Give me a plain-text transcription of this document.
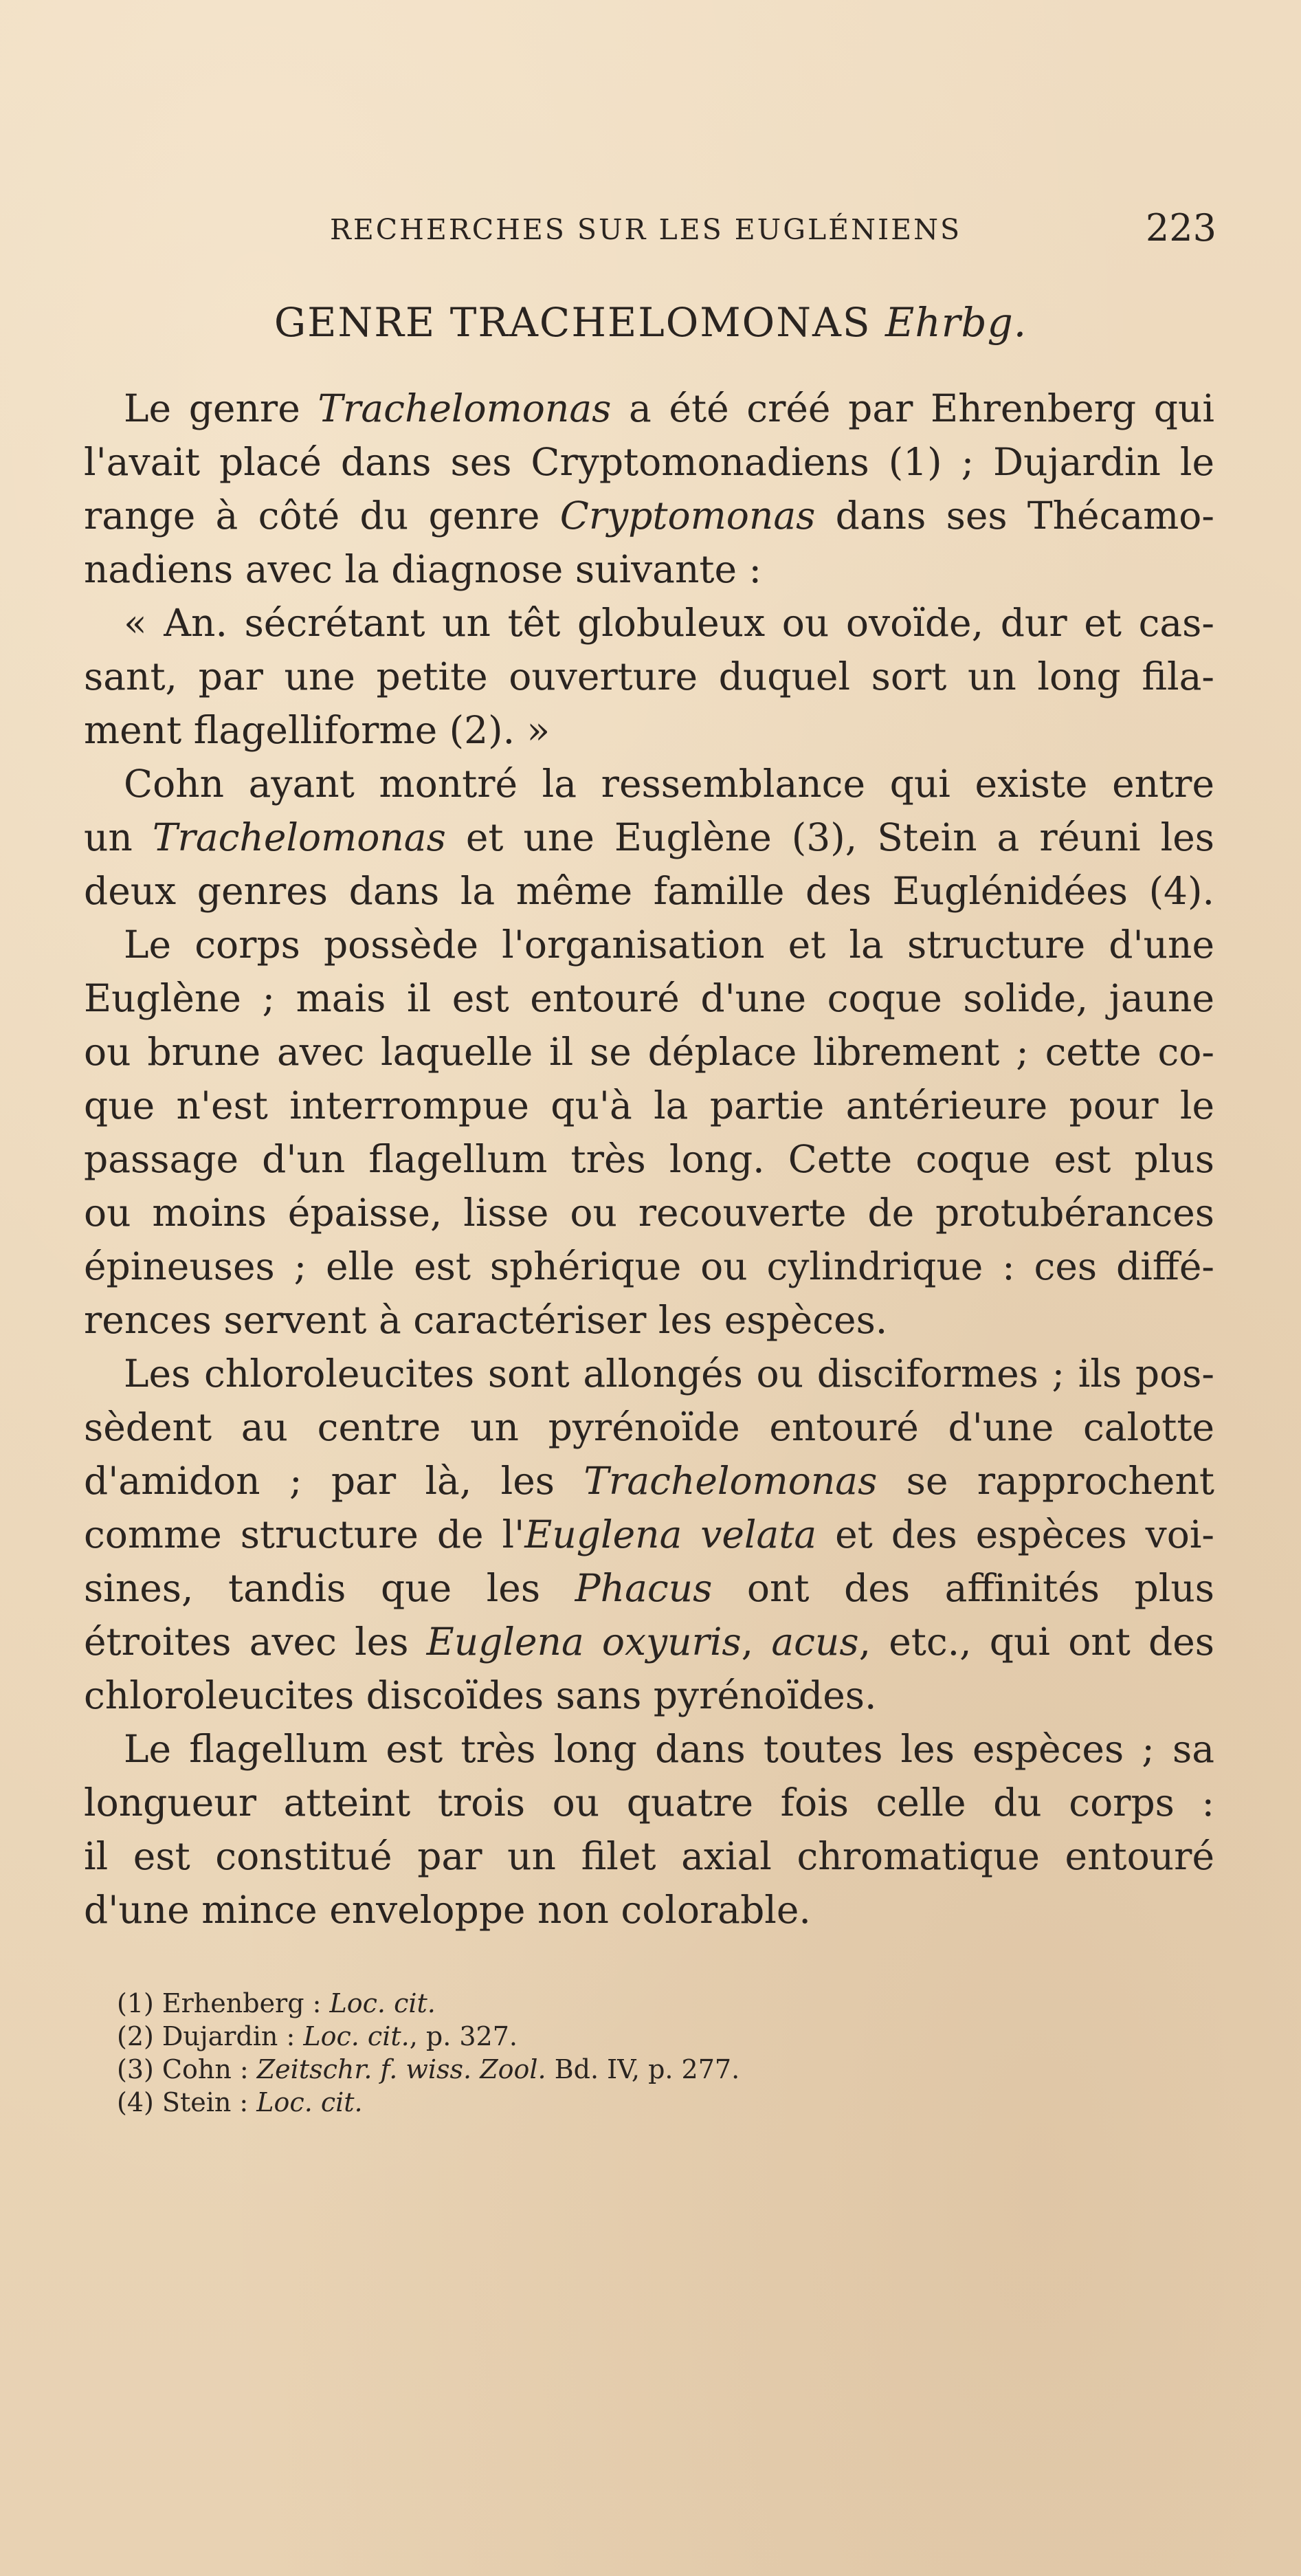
RECHERCHES SUR LES EUGLÉNIENS	223
GENRE TRACHELOMONAS Ehrbg.
Le genre Trachelomonas a été créé par Ehrenberg qui
l'avait placé dans ses Cryptomonadiens (1) ; Dujardin le
range à côté du genre Cryptomonas dans ses Thécamo-
nadiens avec la diagnose suivante :
« An. sécrétant un têt globuleux ou ovoïde, dur et cas-
sant, par une petite ouverture duquel sort un long fila-
ment flagelliforme (2). »
Cohn ayant montré la ressemblance qui existe entre
un Trachelomonas et une Euglène (3), Stein a réuni les
deux genres dans la même famille des Euglénidées (4).
Le corps possède l'organisation et la structure d'une
Euglène ; mais il est entouré d'une coque solide, jaune
ou brune avec laquelle il se déplace librement ; cette co-
que n'est interrompue qu'à la partie antérieure pour le
passage d'un flagellum très long. Cette coque est plus
ou moins épaisse, lisse ou recouverte de protubérances
épineuses ; elle est sphérique ou cylindrique : ces diffé-
rences servent à caractériser les espèces.
Les chloroleucites sont allongés ou disciformes ; ils pos-
sèdent au centre un pyrénoïde entouré d'une calotte
d'amidon ; par là, les Trachelomonas se rapprochent
comme structure de l'Euglena velata et des espèces voi-
sines, tandis que les Phacus ont des affinités plus
étroites avec les Euglena oxyuris, acus, etc., qui ont des
chloroleucites discoïdes sans pyrénoïdes.
Le flagellum est très long dans toutes les espèces ; sa
longueur atteint trois ou quatre fois celle du corps :
il est constitué par un filet axial chromatique entouré
d'une mince enveloppe non colorable.
(1) Erhenberg : Loc. cit.
(2) Dujardin : Loc. cit., p. 327.
(3) Cohn : Zeitschr. f. wiss. Zool. Bd. IV, p. 277.
(4) Stein : Loc. cit.
